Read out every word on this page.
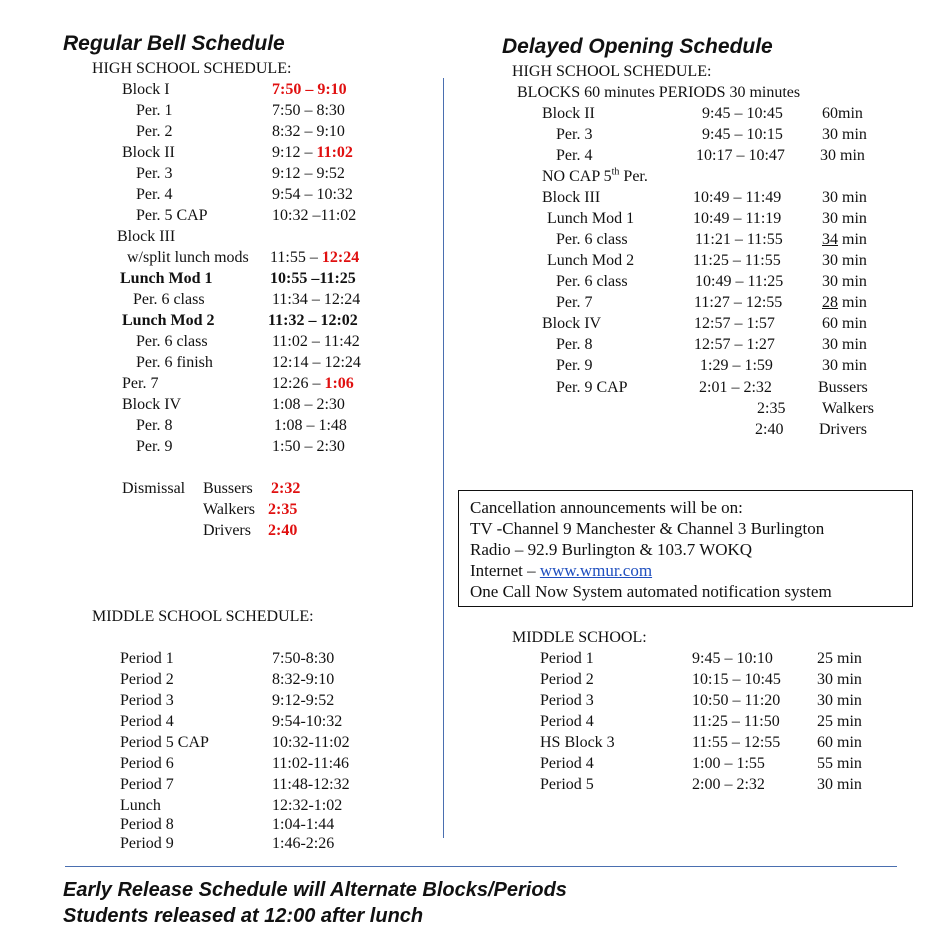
Regular Bell Schedule
HIGH SCHOOL SCHEDULE:
Block I	7:50 – 9:10
Per. 1	7:50 – 8:30
Per. 2	8:32 – 9:10
Block II	9:12 – 11:02
Per. 3	9:12 – 9:52
Per. 4	9:54 – 10:32
Per. 5 CAP	10:32 –11:02
Block III
w/split lunch mods 11:55 – 12:24
Lunch Mod 1	10:55 –11:25
Per. 6 class	11:34 – 12:24
Lunch Mod 2	11:32 – 12:02
Per. 6 class	11:02 – 11:42
Per. 6 finish	12:14 – 12:24
Per. 7	12:26 – 1:06
Block IV	1:08 – 2:30
Per. 8	1:08 – 1:48
Per. 9	1:50 – 2:30
Dismissal Bussers 2:32
Walkers 2:35
Drivers 2:40
MIDDLE SCHOOL SCHEDULE:
Period 1	7:50-8:30
Period 2	8:32-9:10
Period 3	9:12-9:52
Period 4	9:54-10:32
Period 5 CAP	10:32-11:02
Period 6	11:02-11:46
Period 7	11:48-12:32
Lunch	12:32-1:02
Period 8	1:04-1:44
Period 9	1:46-2:26
Delayed Opening Schedule
HIGH SCHOOL SCHEDULE:
BLOCKS 60 minutes PERIODS 30 minutes
Block II	9:45 – 10:45 60min
Per. 3	9:45 – 10:15 30 min
Per. 4	10:17 – 10:47 30 min
NO CAP 5th Per.
Block III	10:49 – 11:49	30 min
Lunch Mod 1	10:49 – 11:19	30 min
Per. 6 class	11:21 – 11:55 34 min
Lunch Mod 2	11:25 – 11:55	30 min
Per. 6 class	10:49 – 11:25 30 min
Per. 7	11:27 – 12:55 28 min
Block IV	12:57 – 1:57	60 min
Per. 8	12:57 – 1:27	30 min
Per. 9	1:29 – 1:59	30 min
Per. 9 CAP	2:01 – 2:32	Bussers
2:35 Walkers
2:40 Drivers
Cancellation announcements will be on:
TV -Channel 9 Manchester & Channel 3 Burlington
Radio – 92.9 Burlington & 103.7 WOKQ
Internet – www.wmur.com
One Call Now System automated notification system
MIDDLE SCHOOL:
Period 1	9:45 – 10:10	25 min
Period 2	10:15 – 10:45 30 min
Period 3	10:50 – 11:20 30 min
Period 4	11:25 – 11:50 25 min
HS Block 3	11:55 – 12:55 60 min
Period 4	1:00 – 1:55	55 min
Period 5	2:00 – 2:32	30 min
Early Release Schedule will Alternate Blocks/Periods
Students released at 12:00 after lunch
